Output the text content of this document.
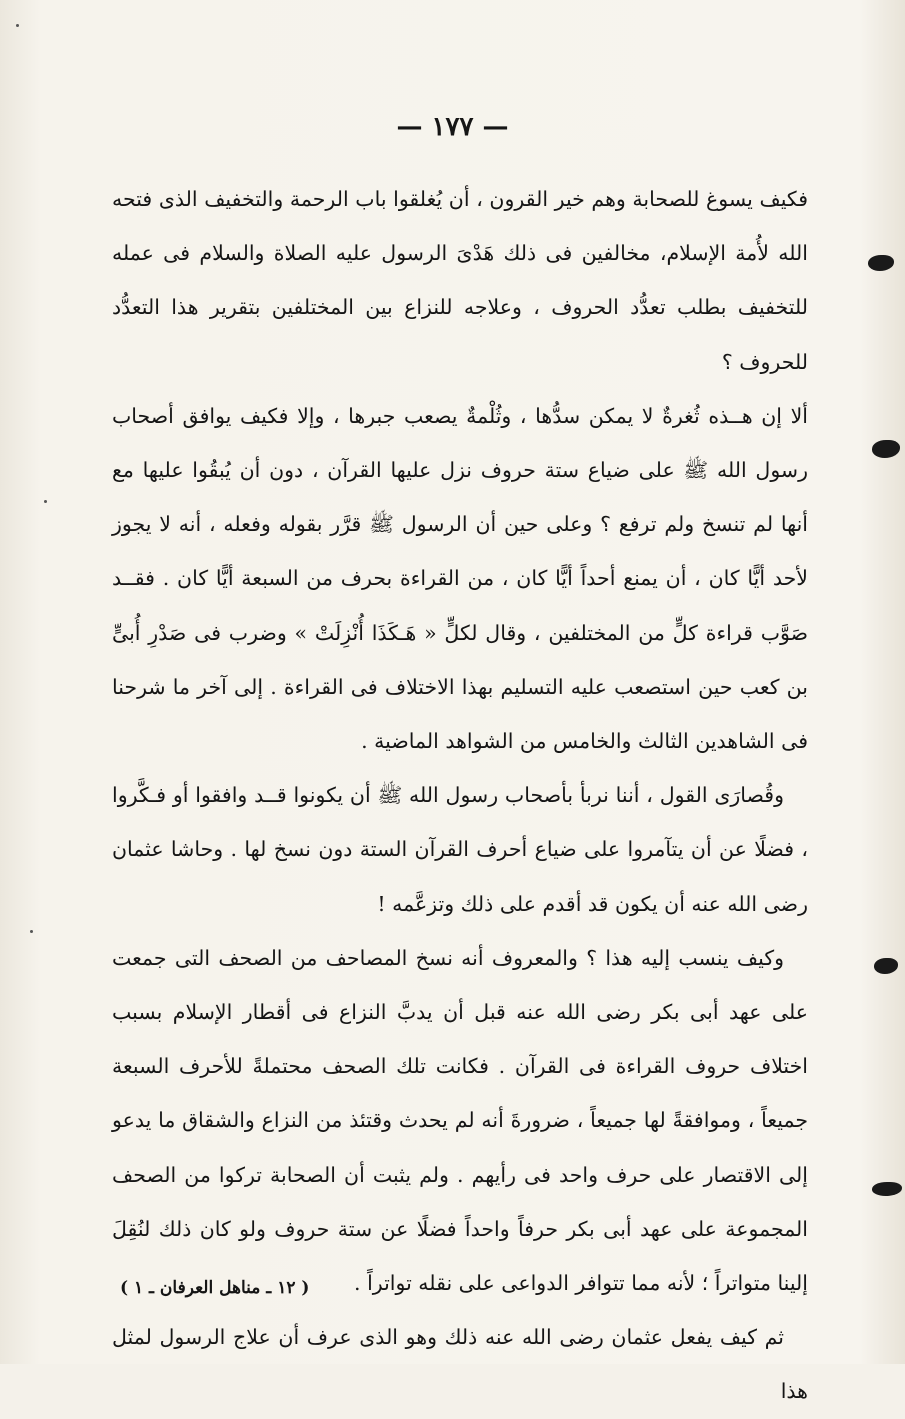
— ١٧٧ —

فكيف يسوغ للصحابة وهم خير القرون ، أن يُغلقوا باب الرحمة والتخفيف الذى فتحه الله لأُمة الإسلام، مخالفين فى ذلك هَدْىَ الرسول عليه الصلاة والسلام فى عمله للتخفيف بطلب تعدُّد الحروف ، وعلاجه للنزاع بين المختلفين بتقرير هذا التعدُّد للحروف ؟

ألا إن هــذه ثُغرةٌ لا يمكن سدُّها ، وثُلْمةٌ يصعب جبرها ، وإلا فكيف يوافق أصحاب رسول الله ﷺ على ضياع ستة حروف نزل عليها القرآن ، دون أن يُبقُوا عليها مع أنها لم تنسخ ولم ترفع ؟ وعلى حين أن الرسول ﷺ قرَّر بقوله وفعله ، أنه لا يجوز لأحد أيًّا كان ، أن يمنع أحداً أيًّا كان ، من القراءة بحرف من السبعة أيًّا كان . فقــد صَوَّب قراءة كلٍّ من المختلفين ، وقال لكلٍّ « هَـكَذَا أُنْزِلَتْ » وضرب فى صَدْرِ أُبىٍّ بن كعب حين استصعب عليه التسليم بهذا الاختلاف فى القراءة . إلى آخر ما شرحنا فى الشاهدين الثالث والخامس من الشواهد الماضية .

وقُصارَى القول ، أننا نربأ بأصحاب رسول الله ﷺ أن يكونوا قــد وافقوا أو فـكَّروا ، فضلًا عن أن يتآمروا على ضياع أحرف القرآن الستة دون نسخ لها . وحاشا عثمان رضى الله عنه أن يكون قد أقدم على ذلك وتزعَّمه !

وكيف ينسب إليه هذا ؟ والمعروف أنه نسخ المصاحف من الصحف التى جمعت على عهد أبى بكر رضى الله عنه قبل أن يدبَّ النزاع فى أقطار الإسلام بسبب اختلاف حروف القراءة فى القرآن . فكانت تلك الصحف محتملةً للأحرف السبعة جميعاً ، وموافقةً لها جميعاً ، ضرورةَ أنه لم يحدث وقتئذ من النزاع والشقاق ما يدعو إلى الاقتصار على حرف واحد فى رأيهم . ولم يثبت أن الصحابة تركوا من الصحف المجموعة على عهد أبى بكر حرفاً واحداً فضلًا عن ستة حروف ولو كان ذلك لنُقِلَ إلينا متواتراً ؛ لأنه مما تتوافر الدواعى على نقله تواتراً .

ثم كيف يفعل عثمان رضى الله عنه ذلك وهو الذى عرف أن علاج الرسول لمثل هذا

( ١٢ ـ مناهل العرفان ـ ١ )
